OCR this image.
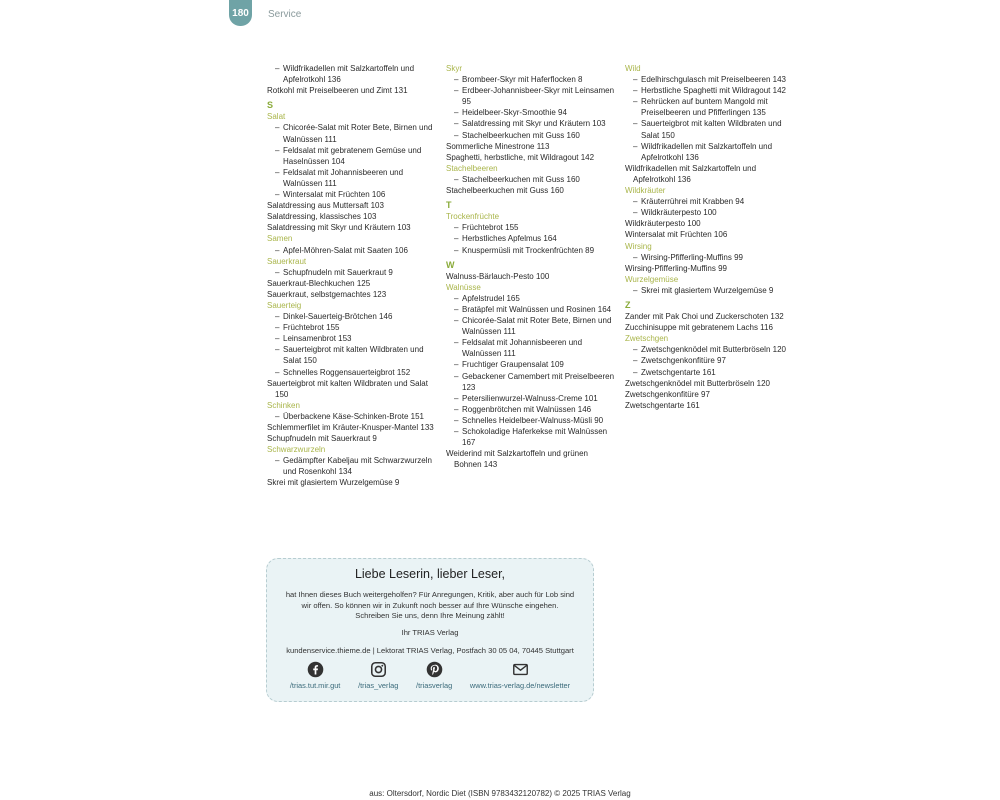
180 Service

– Wildfrikadellen mit Salzkartoffeln und Apfelrotkohl 136

Rotkohl mit Preiselbeeren und Zimt 131

S

Salat

– Chicorée-Salat mit Roter Bete, Birnen und Walnüssen 111

– Feldsalat mit gebratenem Gemüse und Haselnüssen 104

– Feldsalat mit Johannisbeeren und Walnüssen 111

– Wintersalat mit Früchten 106

Salatdressing aus Muttersaft 103

Salatdressing, klassisches 103

Salatdressing mit Skyr und Kräutern 103

Samen

– Apfel-Möhren-Salat mit Saaten 106

Sauerkraut

– Schupfnudeln mit Sauerkraut 9

Sauerkraut-Blechkuchen 125

Sauerkraut, selbstgemachtes 123

Sauerteig

– Dinkel-Sauerteig-Brötchen 146

– Früchtebrot 155

– Leinsamenbrot 153

– Sauerteigbrot mit kalten Wildbraten und Salat 150

– Schnelles Roggensauerteigbrot 152

Sauerteigbrot mit kalten Wildbraten und Salat 150

Schinken

– Überbackene Käse-Schinken-Brote 151

Schlemmerfilet im Kräuter-Knusper-Mantel 133

Schupfnudeln mit Sauerkraut 9

Schwarzwurzeln

– Gedämpfter Kabeljau mit Schwarzwurzeln und Rosenkohl 134

Skrei mit glasiertem Wurzelgemüse 9

Skyr

– Brombeer-Skyr mit Haferflocken 8

– Erdbeer-Johannisbeer-Skyr mit Leinsamen 95

– Heidelbeer-Skyr-Smoothie 94

– Salatdressing mit Skyr und Kräutern 103

– Stachelbeerkuchen mit Guss 160

Sommerliche Minestrone 113

Spaghetti, herbstliche, mit Wildragout 142

Stachelbeeren

– Stachelbeerkuchen mit Guss 160

Stachelbeerkuchen mit Guss 160

T

Trockenfrüchte

– Früchtebrot 155

– Herbstliches Apfelmus 164

– Knuspermüsli mit Trockenfrüchten 89

W

Walnuss-Bärlauch-Pesto 100

Walnüsse

– Apfelstrudel 165

– Bratäpfel mit Walnüssen und Rosinen 164

– Chicorée-Salat mit Roter Bete, Birnen und Walnüssen 111

– Feldsalat mit Johannisbeeren und Walnüssen 111

– Fruchtiger Graupensalat 109

– Gebackener Camembert mit Preiselbeeren 123

– Petersilienwurzel-Walnuss-Creme 101

– Roggenbrötchen mit Walnüssen 146

– Schnelles Heidelbeer-Walnuss-Müsli 90

– Schokoladige Haferkekse mit Walnüssen 167

Weiderind mit Salzkartoffeln und grünen Bohnen 143

Wild

– Edelhirschgulasch mit Preiselbeeren 143

– Herbstliche Spaghetti mit Wildragout 142

– Rehrücken auf buntem Mangold mit Preiselbeeren und Pfifferlingen 135

– Sauerteigbrot mit kalten Wildbraten und Salat 150

– Wildfrikadellen mit Salzkartoffeln und Apfelrotkohl 136

Wildfrikadellen mit Salzkartoffeln und Apfelrotkohl 136

Wildkräuter

– Kräuterrührei mit Krabben 94

– Wildkräuterpesto 100

Wildkräuterpesto 100

Wintersalat mit Früchten 106

Wirsing

– Wirsing-Pfifferling-Muffins 99

Wirsing-Pfifferling-Muffins 99

Wurzelgemüse

– Skrei mit glasiertem Wurzelgemüse 9

Z

Zander mit Pak Choi und Zuckerschoten 132

Zucchinisuppe mit gebratenem Lachs 116

Zwetschgen

– Zwetschgenknödel mit Butterbröseln 120

– Zwetschgenkonfitüre 97

– Zwetschgentarte 161

Zwetschgenknödel mit Butterbröseln 120

Zwetschgenkonfitüre 97

Zwetschgentarte 161

Liebe Leserin, lieber Leser,
hat Ihnen dieses Buch weitergeholfen? Für Anregungen, Kritik, aber auch für Lob sind wir offen. So können wir in Zukunft noch besser auf Ihre Wünsche eingehen. Schreiben Sie uns, denn Ihre Meinung zählt!
Ihr TRIAS Verlag
kundenservice.thieme.de | Lektorat TRIAS Verlag, Postfach 30 05 04, 70445 Stuttgart
/trias.tut.mir.gut /trias_verlag /triasverlag www.trias-verlag.de/newsletter
aus: Oltersdorf, Nordic Diet (ISBN 9783432120782) © 2025 TRIAS Verlag
